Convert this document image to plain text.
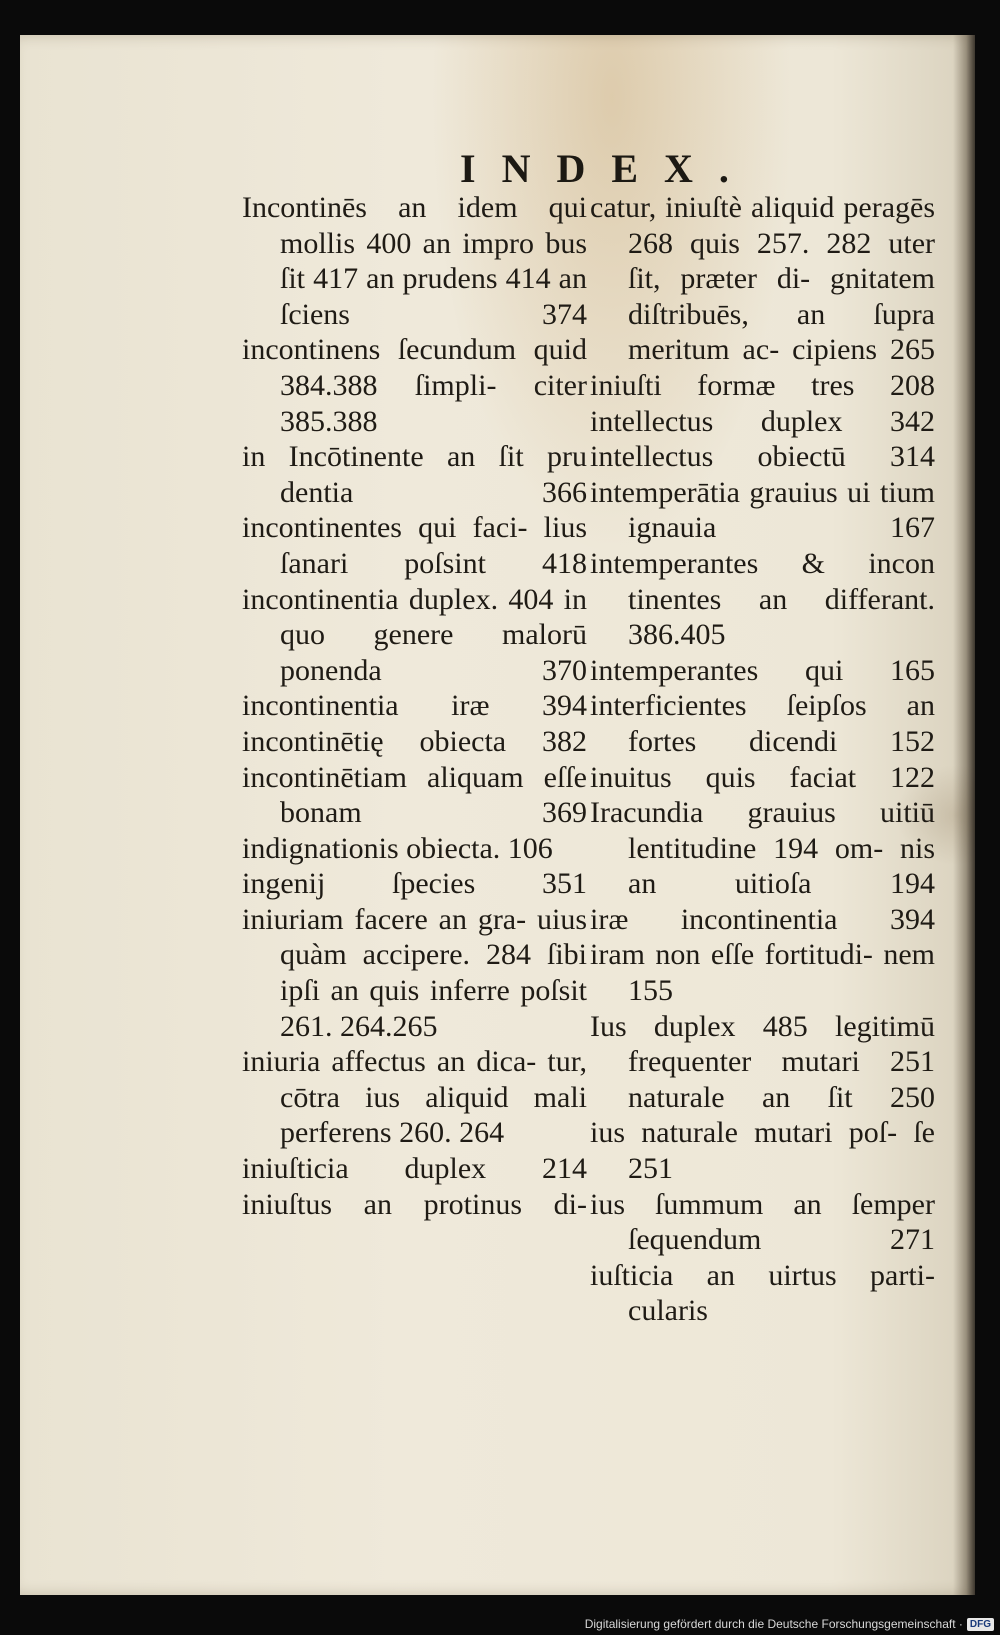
INDEX.

Incontinēs an idem qui mollis 400 an impro bus ſit 417 an prudens 414 an ſciens 374

incontinens ſecundum quid 384.388 ſimpli- citer 385.388

in Incōtinente an ſit pru dentia 366

incontinentes qui faci- lius ſanari poſsint 418

incontinentia duplex. 404 in quo genere malorū ponenda 370

incontinentia iræ 394

incontinētię obiecta 382

incontinētiam aliquam eſſe bonam 369

indignationis obiecta. 106

ingenij ſpecies 351

iniuriam facere an gra- uius quàm accipere. 284 ſibi ipſi an quis inferre poſsit 261. 264.265

iniuria affectus an dica- tur, cōtra ius aliquid mali perferens 260. 264

iniuſticia duplex 214

iniuſtus an protinus di-

catur, iniuſtè aliquid peragēs 268 quis 257. 282 uter ſit, præter di- gnitatem diſtribuēs, an ſupra meritum ac- cipiens 265

iniuſti formæ tres 208

intellectus duplex 342

intellectus obiectū 314

intemperātia grauius ui tium ignauia 167

intemperantes & incon tinentes an differant. 386.405

intemperantes qui 165

interficientes ſeipſos an fortes dicendi 152

inuitus quis faciat 122

Iracundia grauius uitiū lentitudine 194 om- nis an uitioſa 194

iræ incontinentia 394

iram non eſſe fortitudi- nem 155

Ius duplex 485 legitimū frequenter mutari 251 naturale an ſit 250

ius naturale mutari poſ- ſe 251

ius ſummum an ſemper ſequendum 271

iuſticia an uirtus parti- cularis

Digitalisierung gefördert durch die Deutsche Forschungsgemeinschaft · DFG
